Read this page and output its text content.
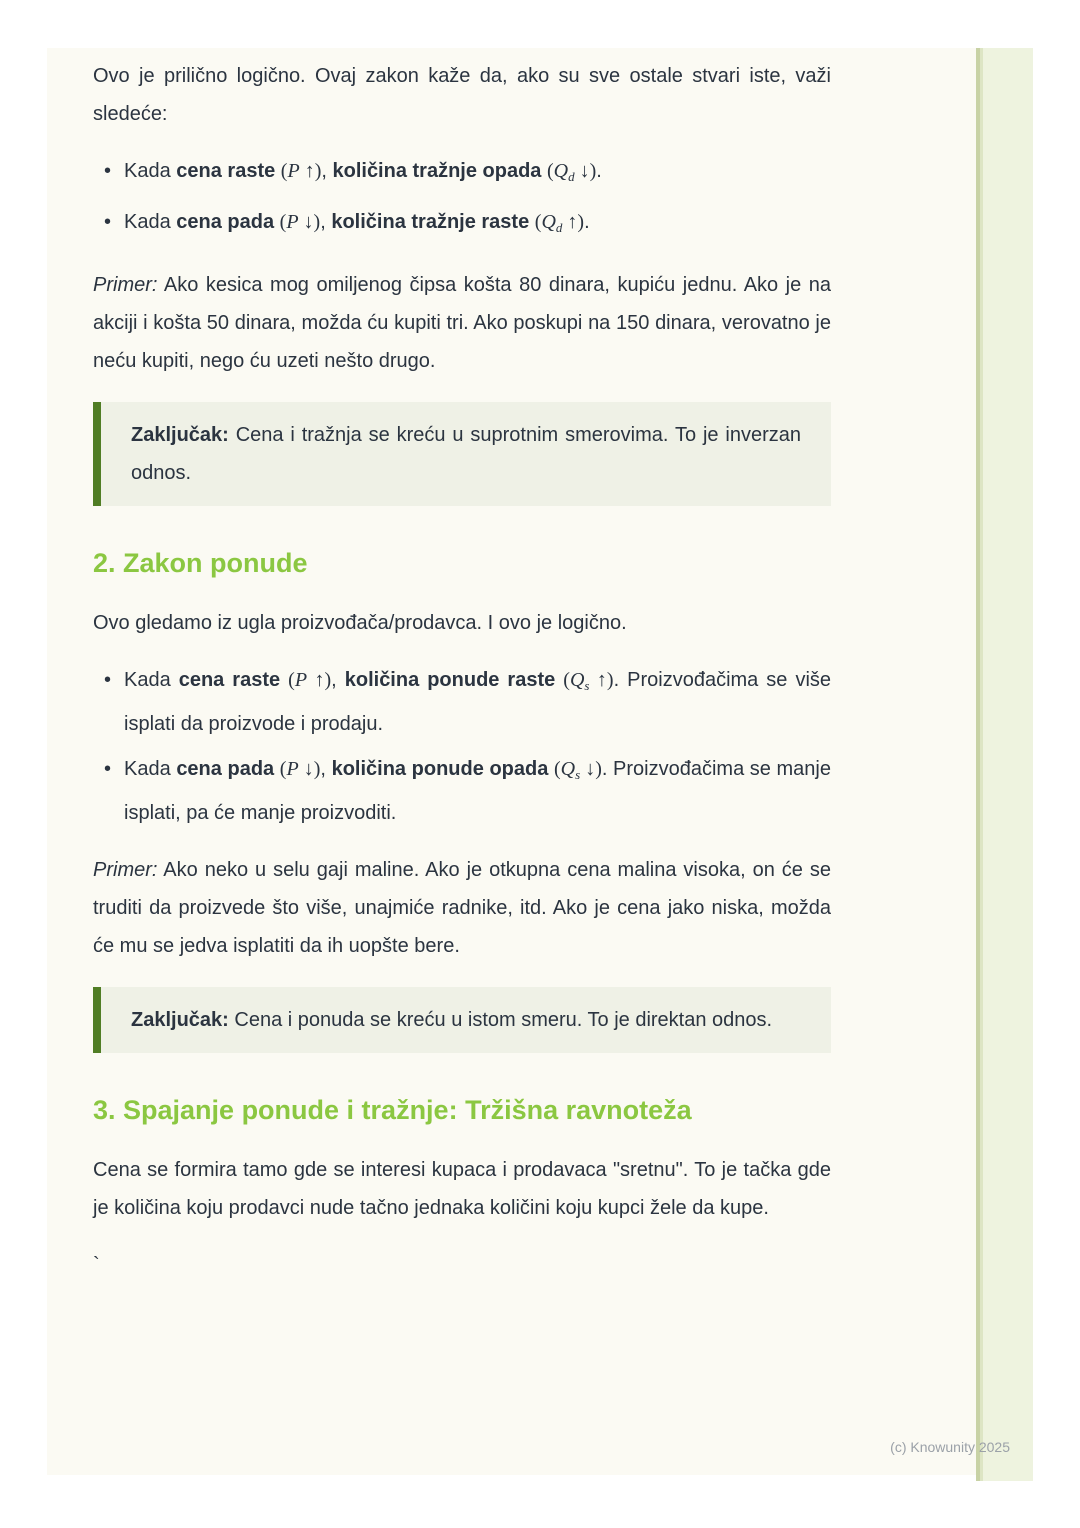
Ovo je prilično logično. Ovaj zakon kaže da, ako su sve ostale stvari iste, važi sledeće:

• Kada cena raste (P ↑), količina tražnje opada ($Q_d$ ↓).
• Kada cena pada (P ↓), količina tražnje raste ($Q_d$ ↑).

Primer: Ako kesica mog omiljenog čipsa košta 80 dinara, kupiću jednu. Ako je na akciji i košta 50 dinara, možda ću kupiti tri. Ako poskupi na 150 dinara, verovatno je neću kupiti, nego ću uzeti nešto drugo.

Zaključak: Cena i tražnja se kreću u suprotnim smerovima. To je inverzan odnos.

2. Zakon ponude

Ovo gledamo iz ugla proizvođača/prodavca. I ovo je logično.

• Kada cena raste (P ↑), količina ponude raste ($Q_s$ ↑). Proizvođačima se više isplati da proizvode i prodaju.
• Kada cena pada (P ↓), količina ponude opada ($Q_s$ ↓). Proizvođačima se manje isplati, pa će manje proizvoditi.

Primer: Ako neko u selu gaji maline. Ako je otkupna cena malina visoka, on će se truditi da proizvede što više, unajmiće radnike, itd. Ako je cena jako niska, možda će mu se jedva isplatiti da ih uopšte bere.

Zaključak: Cena i ponuda se kreću u istom smeru. To je direktan odnos.

3. Spajanje ponude i tražnje: Tržišna ravnoteža

Cena se formira tamo gde se interesi kupaca i prodavaca "sretnu". To je tačka gde je količina koju prodavci nude tačno jednaka količini koju kupci žele da kupe.

`

(c) Knowunity 2025
